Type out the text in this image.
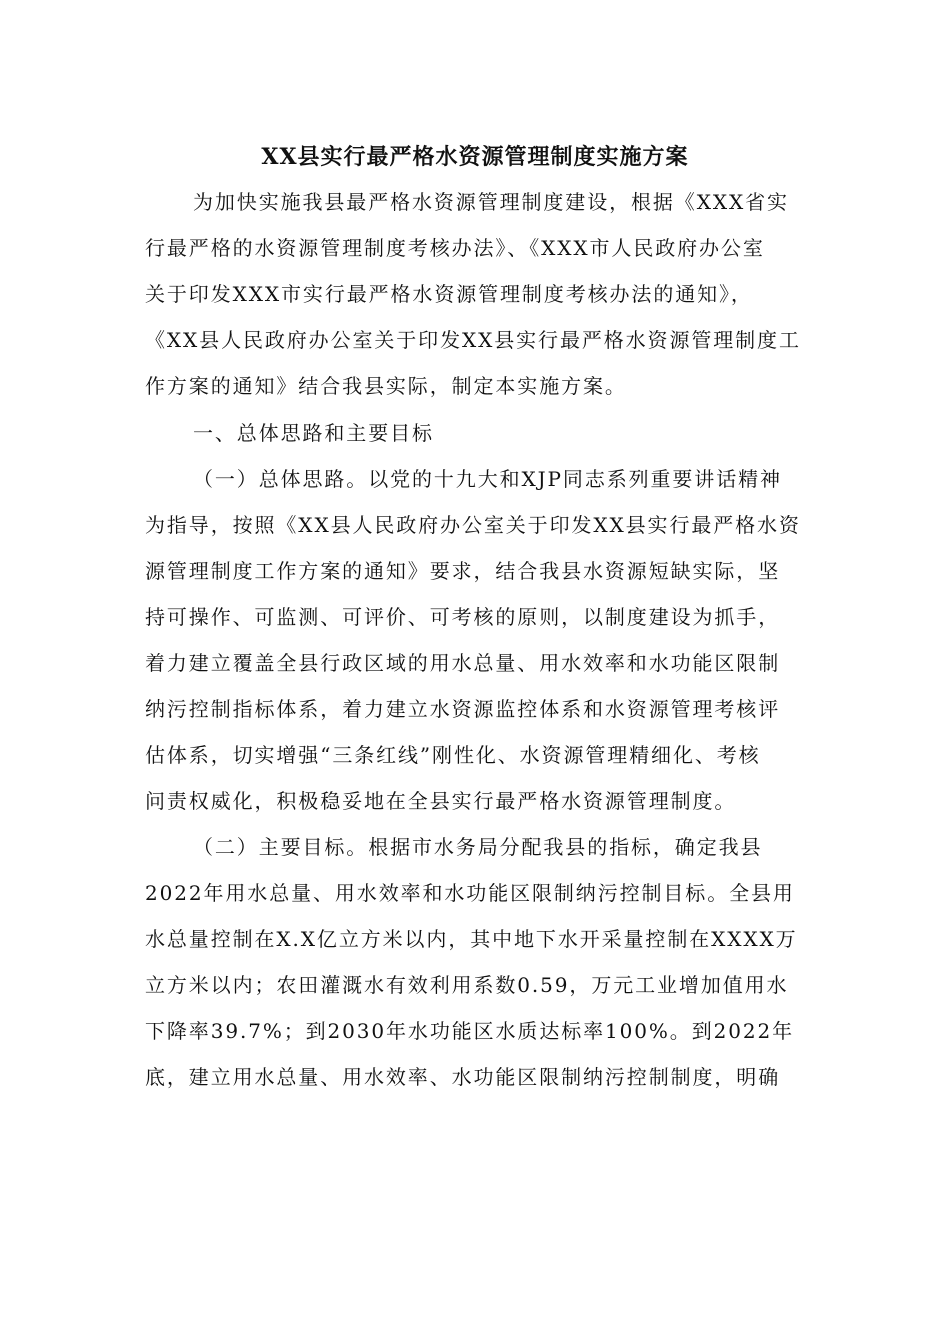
XX县实行最严格水资源管理制度实施方案
为加快实施我县最严格水资源管理制度建设，根据《XXX省实
行最严格的水资源管理制度考核办法》、《XXX市人民政府办公室
关于印发XXX市实行最严格水资源管理制度考核办法的通知》，
《XX县人民政府办公室关于印发XX县实行最严格水资源管理制度工
作方案的通知》结合我县实际，制定本实施方案。
一、总体思路和主要目标
（一）总体思路。以党的十九大和XJP同志系列重要讲话精神
为指导，按照《XX县人民政府办公室关于印发XX县实行最严格水资
源管理制度工作方案的通知》要求，结合我县水资源短缺实际，坚
持可操作、可监测、可评价、可考核的原则，以制度建设为抓手，
着力建立覆盖全县行政区域的用水总量、用水效率和水功能区限制
纳污控制指标体系，着力建立水资源监控体系和水资源管理考核评
估体系，切实增强“三条红线”刚性化、水资源管理精细化、考核
问责权威化，积极稳妥地在全县实行最严格水资源管理制度。
（二）主要目标。根据市水务局分配我县的指标，确定我县
2022年用水总量、用水效率和水功能区限制纳污控制目标。全县用
水总量控制在X.X亿立方米以内，其中地下水开采量控制在XXXX万
立方米以内；农田灌溉水有效利用系数0.59，万元工业增加值用水
下降率39.7%；到2030年水功能区水质达标率100%。到2022年
底，建立用水总量、用水效率、水功能区限制纳污控制制度，明确
